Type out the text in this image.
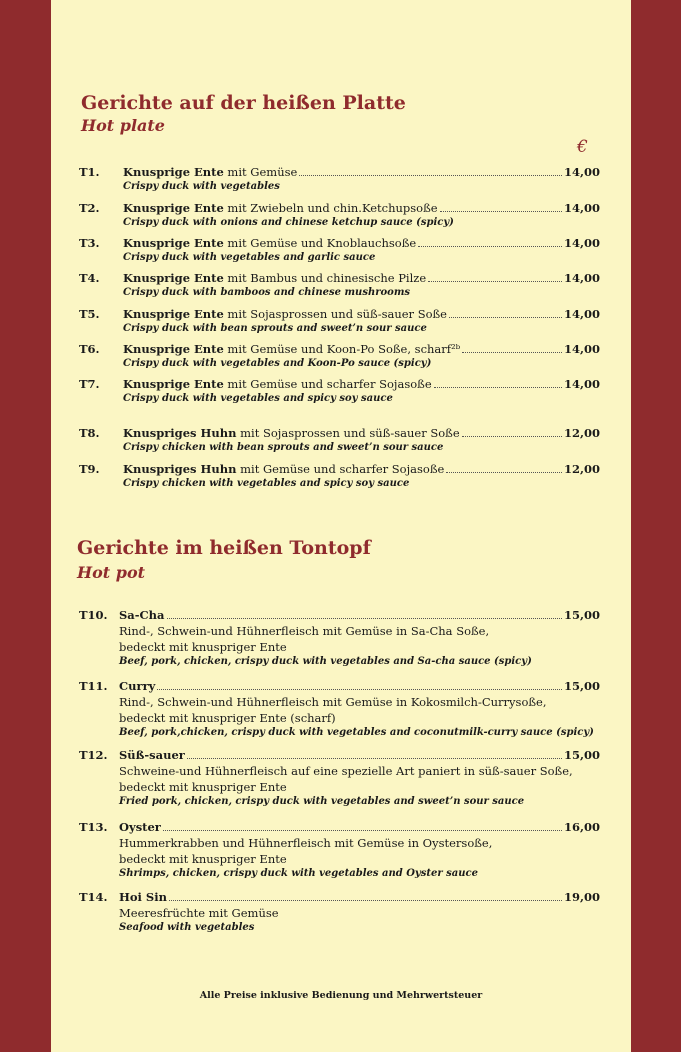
Gerichte auf der heißen Platte
Hot plate
€
T1.	Knusprige Ente mit Gemüse	14,00
Crispy duck with vegetables
T2.	Knusprige Ente mit Zwiebeln und chin.Ketchupsoße	14,00
Crispy duck with onions and chinese ketchup sauce (spicy)
T3.	Knusprige Ente mit Gemüse und Knoblauchsoße	14,00
Crispy duck with vegetables and garlic sauce
T4.	Knusprige Ente mit Bambus und chinesische Pilze	14,00
Crispy duck with bamboos and chinese mushrooms
T5.	Knusprige Ente mit Sojasprossen und süß-sauer Soße	14,00
Crispy duck with bean sprouts and sweet’n sour sauce
T6.	Knusprige Ente mit Gemüse und Koon-Po Soße, scharf²ᵇ	14,00
Crispy duck with vegetables and Koon-Po sauce (spicy)
T7.	Knusprige Ente mit Gemüse und scharfer Sojasoße	14,00
Crispy duck with vegetables and spicy soy sauce
T8.	Knuspriges Huhn mit Sojasprossen und süß-sauer Soße	12,00
Crispy chicken with bean sprouts and sweet’n sour sauce
T9.	Knuspriges Huhn mit Gemüse und scharfer Sojasoße	12,00
Crispy chicken with vegetables and spicy soy sauce
Gerichte im heißen Tontopf
Hot pot
T10. Sa-Cha	15,00
Rind-, Schwein-und Hühnerfleisch mit Gemüse in Sa-Cha Soße,
bedeckt mit knuspriger Ente
Beef, pork, chicken, crispy duck with vegetables and Sa-cha sauce (spicy)
T11. Curry	15,00
Rind-, Schwein-und Hühnerfleisch mit Gemüse in Kokosmilch-Currysoße,
bedeckt mit knuspriger Ente (scharf)
Beef, pork,chicken, crispy duck with vegetables and coconutmilk-curry sauce (spicy)
T12. Süß-sauer	15,00
Schweine-und Hühnerfleisch auf eine spezielle Art paniert in süß-sauer Soße,
bedeckt mit knuspriger Ente
Fried pork, chicken, crispy duck with vegetables and sweet’n sour sauce
T13. Oyster	16,00
Hummerkrabben und Hühnerfleisch mit Gemüse in Oystersoße,
bedeckt mit knuspriger Ente
Shrimps, chicken, crispy duck with vegetables and Oyster sauce
T14. Hoi Sin	19,00
Meeresfrüchte mit Gemüse
Seafood with vegetables
Alle Preise inklusive Bedienung und Mehrwertsteuer
